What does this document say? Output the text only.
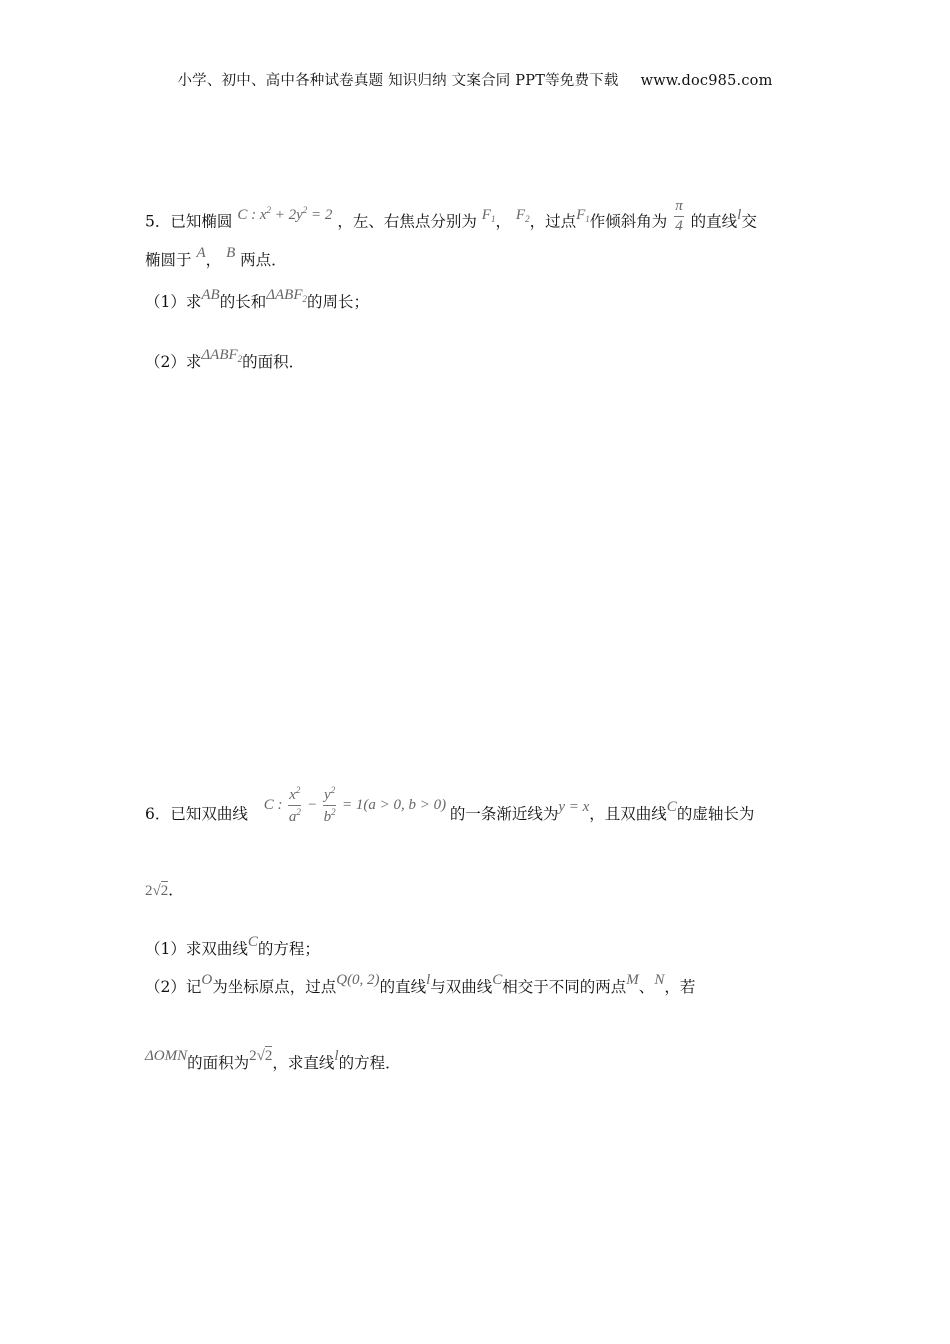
小学、初中、高中各种试卷真题 知识归纳 文案合同 PPT等免费下载 www.doc985.com
5．已知椭圆 C : $x^2 + 2y^2 = 2$ ，左、右焦点分别为 $F_1$， $F_2$，过点$F_1$作倾斜角为 $\frac{\pi}{4}$ 的直线l交
椭圆于 A， B 两点．
（1）求AB的长和$\Delta ABF_2$的周长；
（2）求$\Delta ABF_2$的面积．
6．已知双曲线 C : $\frac{x^2}{a^2} - \frac{y^2}{b^2} = 1(a > 0$, b > 0) 的一条渐近线为y = x，且双曲线C的虚轴长为
2√2．
（1）求双曲线C的方程；
（2）记O为坐标原点，过点Q(0, 2)的直线l与双曲线C相交于不同的两点M、N，若
ΔOMN的面积为2√2，求直线l的方程．
